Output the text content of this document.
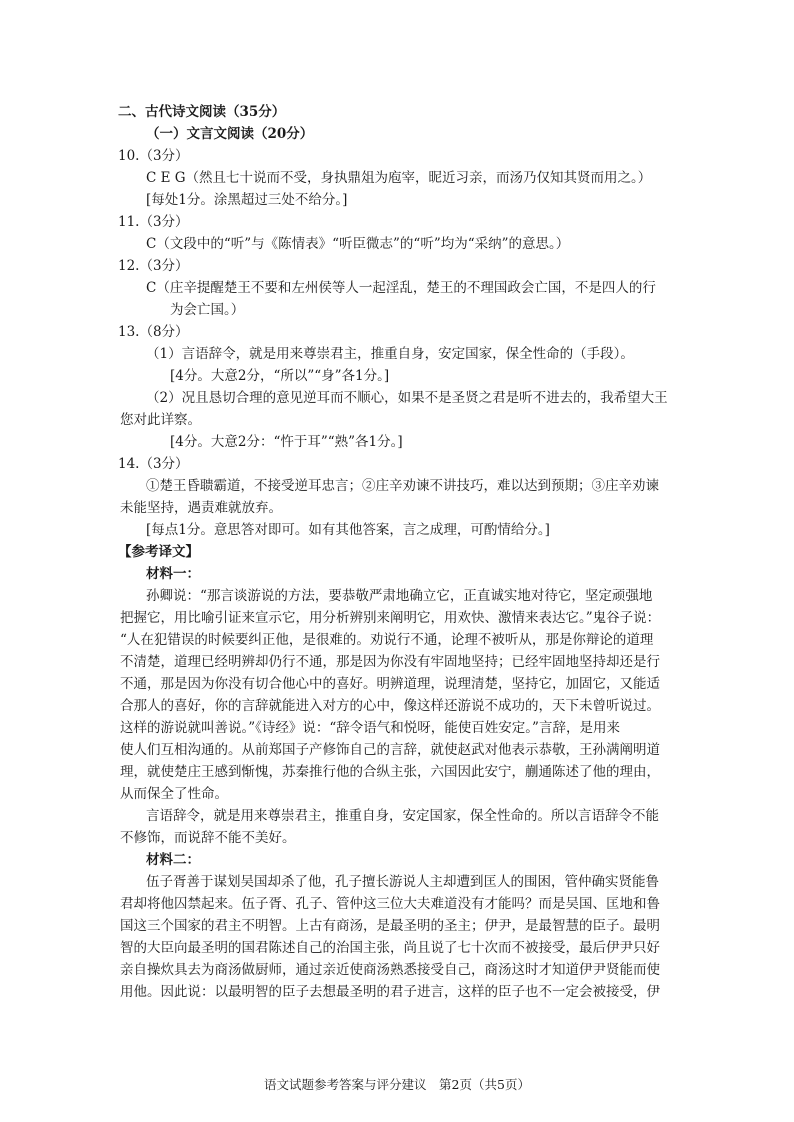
二、古代诗文阅读（35分）
（一）文言文阅读（20分）
10.（3分）
C E G（然且七十说而不受，身执鼎俎为庖宰，昵近习亲，而汤乃仅知其贤而用之。）
[每处1分。涂黑超过三处不给分。]
11.（3分）
C（文段中的“听”与《陈情表》“听臣微志”的“听”均为“采纳”的意思。）
12.（3分）
C（庄辛提醒楚王不要和左州侯等人一起淫乱，楚王的不理国政会亡国，不是四人的行
为会亡国。）
13.（8分）
（1）言语辞令，就是用来尊崇君主，推重自身，安定国家，保全性命的（手段）。
[4分。大意2分，“所以”“身”各1分。]
（2）况且恳切合理的意见逆耳而不顺心，如果不是圣贤之君是听不进去的，我希望大王
您对此详察。
[4分。大意2分：“忤于耳”“熟”各1分。]
14.（3分）
①楚王昏聩霸道，不接受逆耳忠言；②庄辛劝谏不讲技巧，难以达到预期；③庄辛劝谏
未能坚持，遇责难就放弃。
[每点1分。意思答对即可。如有其他答案，言之成理，可酌情给分。]
【参考译文】
材料一：
孙卿说：“那言谈游说的方法，要恭敬严肃地确立它，正直诚实地对待它，坚定顽强地
把握它，用比喻引证来宣示它，用分析辨别来阐明它，用欢快、激情来表达它。”鬼谷子说：
“人在犯错误的时候要纠正他，是很难的。劝说行不通，论理不被听从，那是你辩论的道理
不清楚，道理已经明辨却仍行不通，那是因为你没有牢固地坚持；已经牢固地坚持却还是行
不通，那是因为你没有切合他心中的喜好。明辨道理，说理清楚，坚持它，加固它，又能适
合那人的喜好，你的言辞就能进入对方的心中，像这样还游说不成功的，天下未曾听说过。
这样的游说就叫善说。”《诗经》说：“辞令语气和悦呀，能使百姓安定。”言辞，是用来
使人们互相沟通的。从前郑国子产修饰自己的言辞，就使赵武对他表示恭敬，王孙满阐明道
理，就使楚庄王感到惭愧，苏秦推行他的合纵主张，六国因此安宁，蒯通陈述了他的理由，
从而保全了性命。
言语辞令，就是用来尊崇君主，推重自身，安定国家，保全性命的。所以言语辞令不能
不修饰，而说辞不能不美好。
材料二：
伍子胥善于谋划吴国却杀了他，孔子擅长游说人主却遭到匡人的围困，管仲确实贤能鲁
君却将他囚禁起来。伍子胥、孔子、管仲这三位大夫难道没有才能吗？而是吴国、匡地和鲁
国这三个国家的君主不明智。上古有商汤，是最圣明的圣主；伊尹，是最智慧的臣子。最明
智的大臣向最圣明的国君陈述自己的治国主张，尚且说了七十次而不被接受，最后伊尹只好
亲自操炊具去为商汤做厨师，通过亲近使商汤熟悉接受自己，商汤这时才知道伊尹贤能而使
用他。因此说：以最明智的臣子去想最圣明的君子进言，这样的臣子也不一定会被接受，伊
语文试题参考答案与评分建议　第2页（共5页）
